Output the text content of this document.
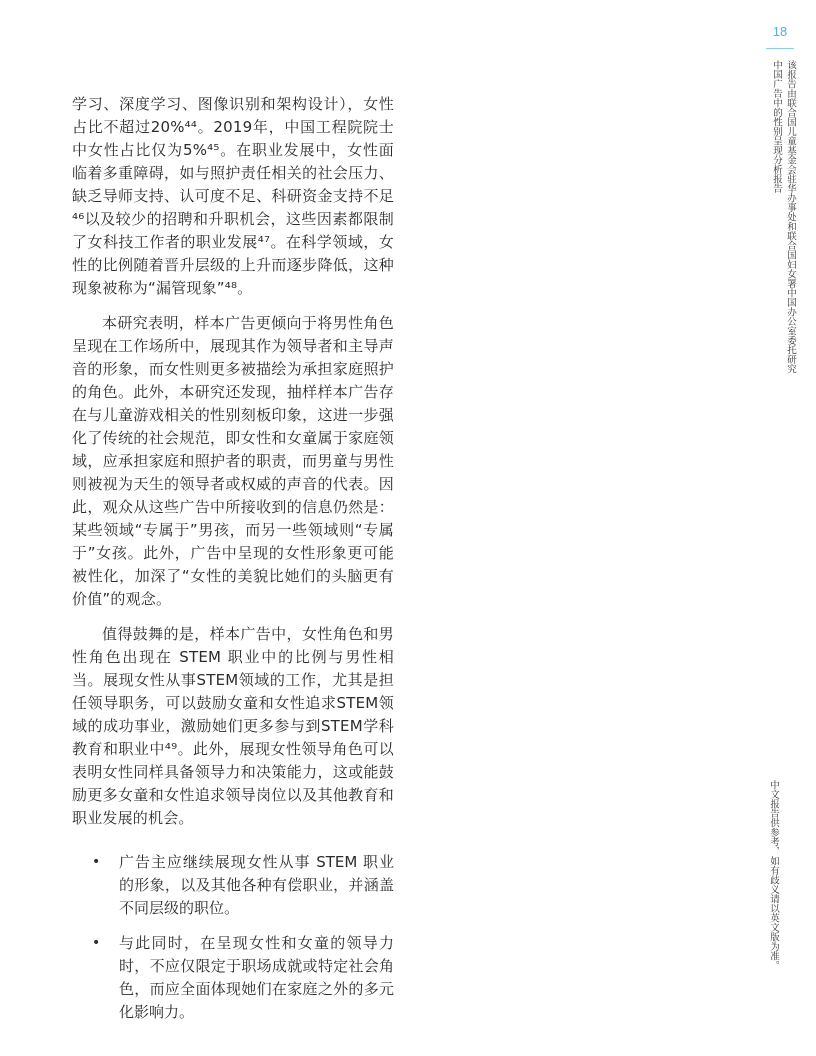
18
中国广告中的性别呈现分析报告 该报告由联合国儿童基金会驻华办事处和联合国妇女署中国办公室委托研究
中文报告供参考，如有歧义请以英文版为准。

学习、深度学习、图像识别和架构设计），女性占比不超过20%⁴⁴。2019年，中国工程院院士中女性占比仅为5%⁴⁵。在职业发展中，女性面临着多重障碍，如与照护责任相关的社会压力、缺乏导师支持、认可度不足、科研资金支持不足⁴⁶以及较少的招聘和升职机会，这些因素都限制了女科技工作者的职业发展⁴⁷。在科学领域，女性的比例随着晋升层级的上升而逐步降低，这种现象被称为“漏管现象”⁴⁸。

本研究表明，样本广告更倾向于将男性角色呈现在工作场所中，展现其作为领导者和主导声音的形象，而女性则更多被描绘为承担家庭照护的角色。此外，本研究还发现，抽样样本广告存在与儿童游戏相关的性别刻板印象，这进一步强化了传统的社会规范，即女性和女童属于家庭领域，应承担家庭和照护者的职责，而男童与男性则被视为天生的领导者或权威的声音的代表。因此，观众从这些广告中所接收到的信息仍然是：某些领域“专属于”男孩，而另一些领域则“专属于”女孩。此外，广告中呈现的女性形象更可能被性化，加深了“女性的美貌比她们的头脑更有价值”的观念。

值得鼓舞的是，样本广告中，女性角色和男性角色出现在 STEM 职业中的比例与男性相当。展现女性从事STEM领域的工作，尤其是担任领导职务，可以鼓励女童和女性追求STEM领域的成功事业，激励她们更多参与到STEM学科教育和职业中⁴⁹。此外，展现女性领导角色可以表明女性同样具备领导力和决策能力，这或能鼓励更多女童和女性追求领导岗位以及其他教育和职业发展的机会。

• 广告主应继续展现女性从事 STEM 职业的形象，以及其他各种有偿职业，并涵盖不同层级的职位。
• 与此同时，在呈现女性和女童的领导力时，不应仅限定于职场成就或特定社会角色，而应全面体现她们在家庭之外的多元化影响力。
